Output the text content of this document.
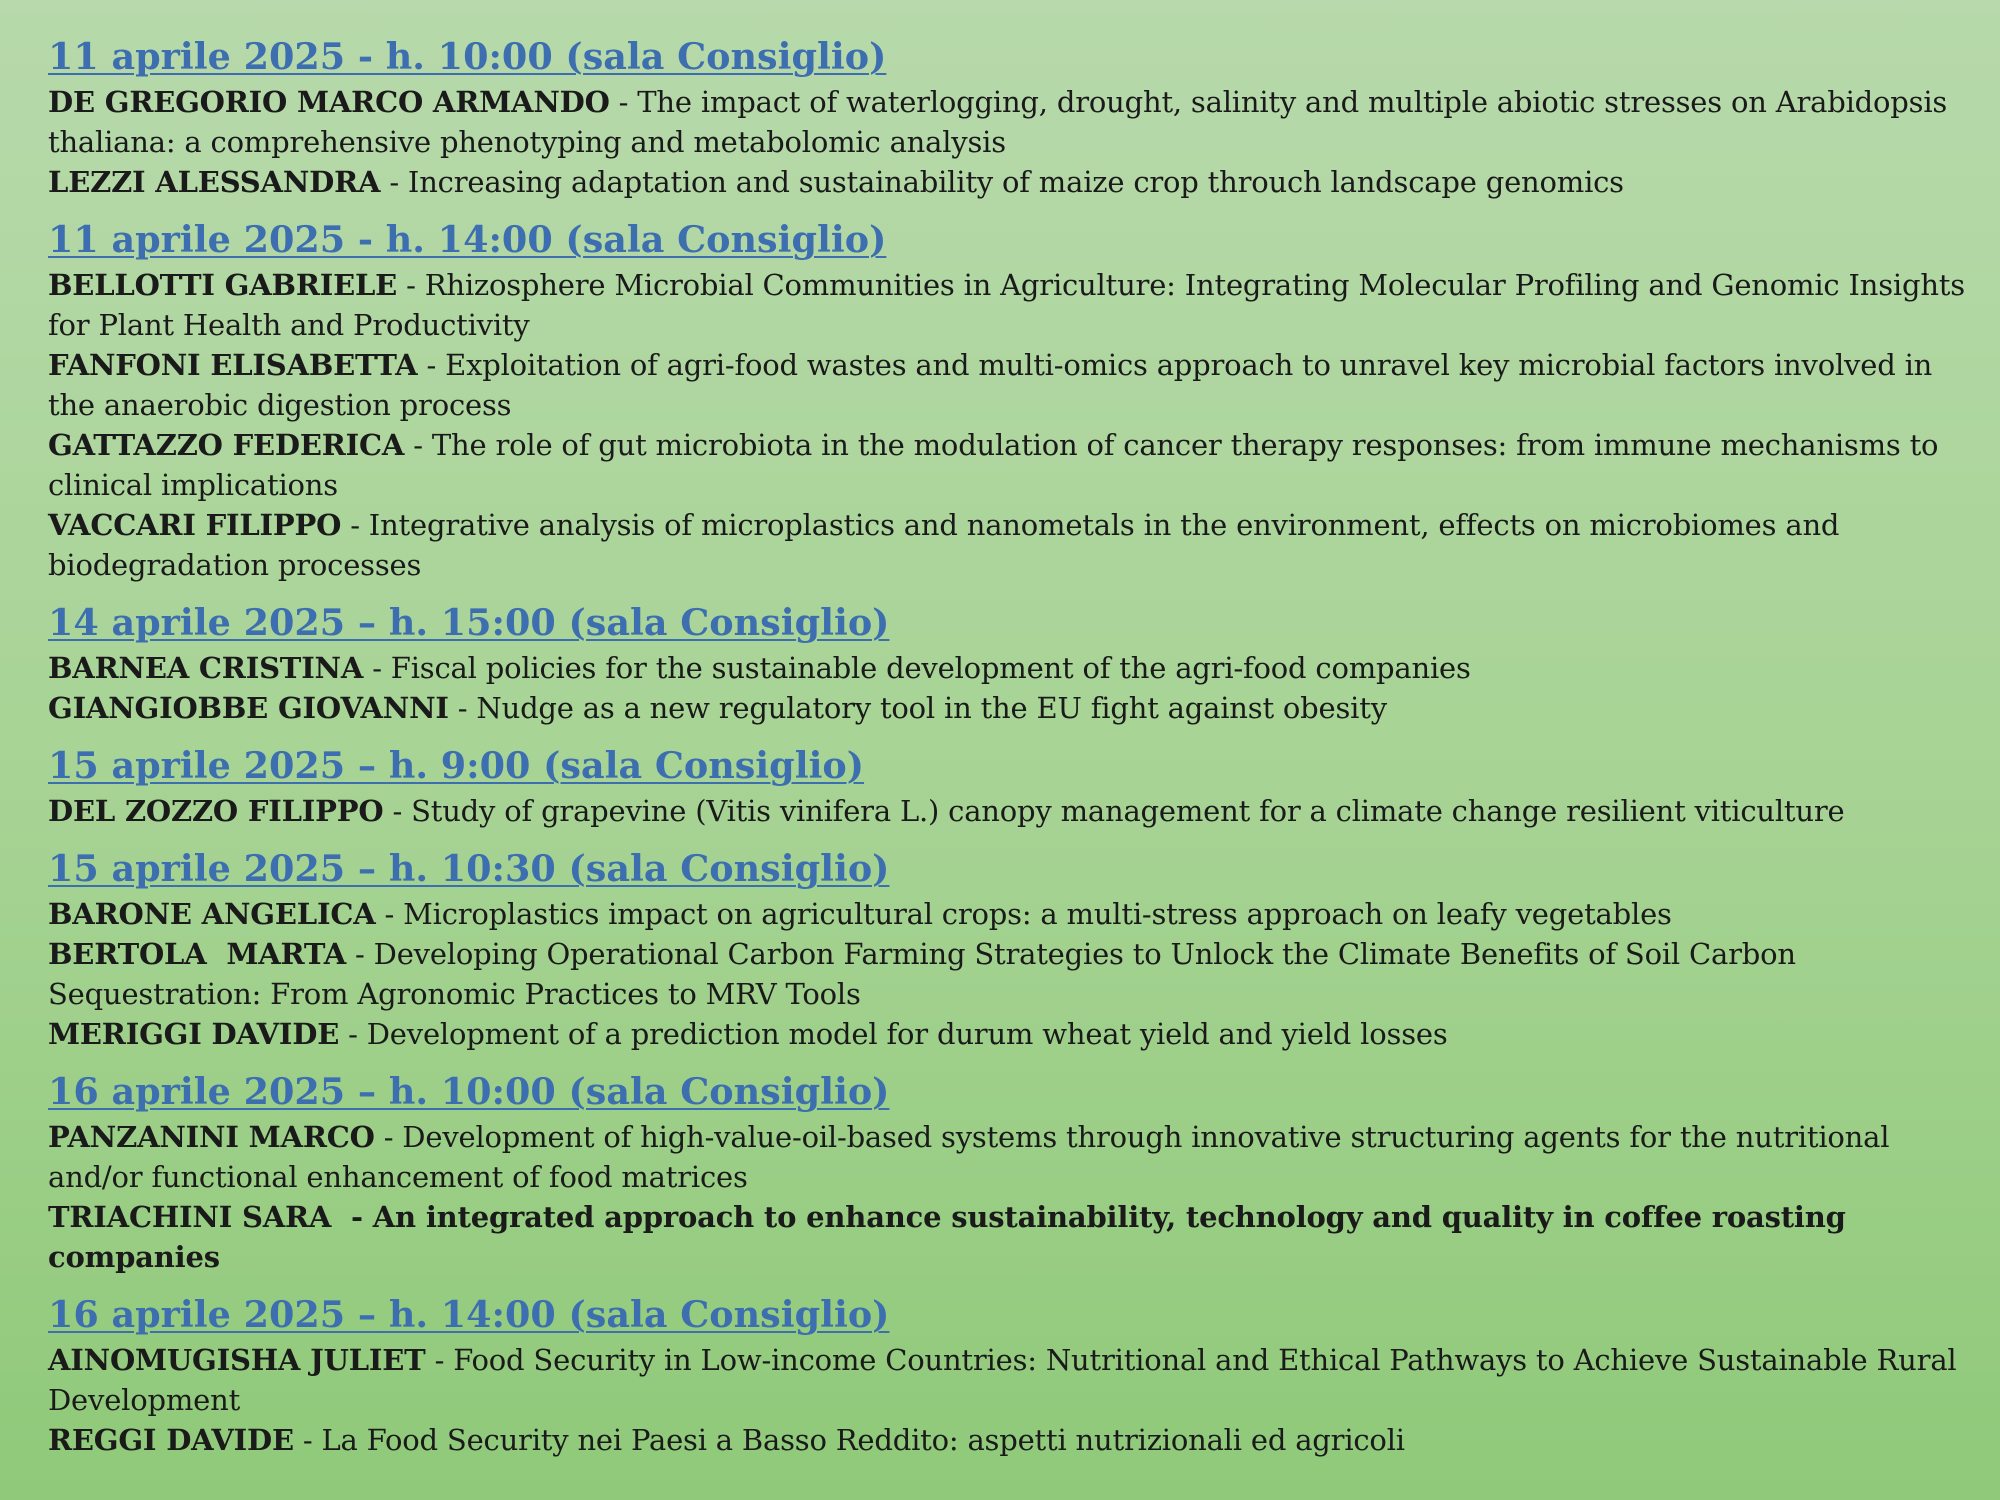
11 aprile 2025 - h. 10:00 (sala Consiglio)
DE GREGORIO MARCO ARMANDO - The impact of waterlogging, drought, salinity and multiple abiotic stresses on Arabidopsis thaliana: a comprehensive phenotyping and metabolomic analysis
LEZZI ALESSANDRA - Increasing adaptation and sustainability of maize crop throuch landscape genomics
11 aprile 2025 - h. 14:00 (sala Consiglio)
BELLOTTI GABRIELE - Rhizosphere Microbial Communities in Agriculture: Integrating Molecular Profiling and Genomic Insights for Plant Health and Productivity
FANFONI ELISABETTA - Exploitation of agri-food wastes and multi-omics approach to unravel key microbial factors involved in the anaerobic digestion process
GATTAZZO FEDERICA - The role of gut microbiota in the modulation of cancer therapy responses: from immune mechanisms to clinical implications
VACCARI FILIPPO - Integrative analysis of microplastics and nanometals in the environment, effects on microbiomes and biodegradation processes
14 aprile 2025 – h. 15:00 (sala Consiglio)
BARNEA CRISTINA - Fiscal policies for the sustainable development of the agri-food companies
GIANGIOBBE GIOVANNI - Nudge as a new regulatory tool in the EU fight against obesity
15 aprile 2025 – h. 9:00 (sala Consiglio)
DEL ZOZZO FILIPPO - Study of grapevine (Vitis vinifera L.) canopy management for a climate change resilient viticulture
15 aprile 2025 – h. 10:30 (sala Consiglio)
BARONE ANGELICA - Microplastics impact on agricultural crops: a multi-stress approach on leafy vegetables
BERTOLA  MARTA - Developing Operational Carbon Farming Strategies to Unlock the Climate Benefits of Soil Carbon Sequestration: From Agronomic Practices to MRV Tools
MERIGGI DAVIDE - Development of a prediction model for durum wheat yield and yield losses
16 aprile 2025 – h. 10:00 (sala Consiglio)
PANZANINI MARCO - Development of high-value-oil-based systems through innovative structuring agents for the nutritional and/or functional enhancement of food matrices
TRIACHINI SARA  - An integrated approach to enhance sustainability, technology and quality in coffee roasting companies
16 aprile 2025 – h. 14:00 (sala Consiglio)
AINOMUGISHA JULIET - Food Security in Low-income Countries: Nutritional and Ethical Pathways to Achieve Sustainable Rural Development
REGGI DAVIDE - La Food Security nei Paesi a Basso Reddito: aspetti nutrizionali ed agricoli
